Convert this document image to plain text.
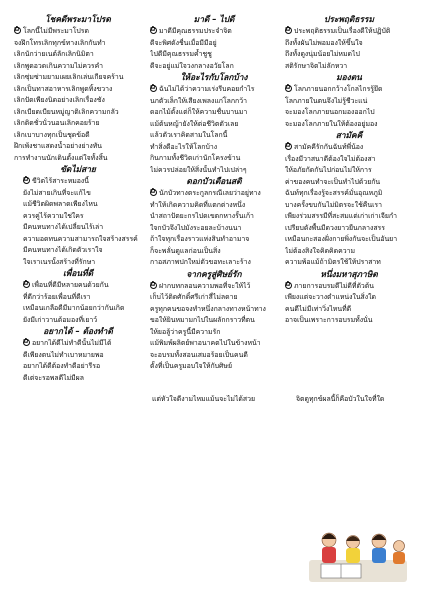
โชคดีพระมาโปรด
✿โลกนี้ไม่มีพระมาโปรด
จงฝึกโทรเลิกทุกข์ทางเลิกกันทำ
เลิกนักว่ายเนต์ลักเลิกนิมิตา
เลิกพูดอวดเกินความไม่ควรคำ
เลิกซุ่มซ่ามยามเผยเลิกเล่นเกียจคร้าน
เลิกเป็นทาสอาหารเลิกพูดทิ้งขวาง
เลิกปัดเพียงนิดอย่างเลิกเรื่องชัง
เลิกเบียดเบียนหมู่ญาติเลิกความกลัว
เลิกติดชั่วนั่วนอนเลิกคอยร้าย
เลิกเบาบางทุกเป็นชุดข้อดี
ฝึกเพ้งชาแสดงน้ำอย่างย่างทัน
การทำงานนักเดินตั้งแต่ใจทั้งสิ้น
ขัดไม่สาย
✿ขีวิตไร้สาระหมองนี้
ยังไม่สายเกินที่จะแก้ไข
แม้ชีวิตผิดพลาดเพียงไหน
ควรคู่ไร้ความใช่ใคร
มีคนหนทางได้เปลี่ยนไร้เล่า
ความอดทนความสามารถใจสร้างสรรค์
มีคนหนทางได้เกิดตัวเราใจ
ใจเราเนรนั้งสร้างที่รักษา
เพื่อนที่ดี
✿เพื่อนที่ดีมีหลายคนด้วยกัน
ที่ดีกว่าร้อยเพื่อนที่ดีเรา
เหมือนเกลือดีมีมากน้อยกว่ากันเกิด
ยังมีเก่าวานต้อมองที่เยาว์
อยากได้ – ต้องทำดี
✿อยากได้ดีไม่ทำดีนั้นไม่มีได้
ดีเพียงตนไม่ทำเบาหมายพอ
อยากได้ดีต้องทำดีอย่ารีรอ
ดีเต่จะรอพลดีไม่มีผล
มาดี – ไปดี
✿มาดีมีคุณธรรมประจำจิต
ดีจะพิศดังชื่นเมื่อมีมีอยู่
ไปดีมีคุณธรรมค้ำชูชู
ดีจะอยู่แม่ใจวงกลางอวัยโลก
ให้อะไรกับโลกบ้าง
✿ฉันไม่ได้ว่าความเร่งรีบคอยกำไร
นกตัวเล็กให้เสียงเพลงแก่โลกกว้า
ดอกไม้ตั้งแต่ก็ให้ความชื่นบานมา
แม้ต้นหญ้ายังให้ต่อชีวิตตัวเลย
แล้วตัวเราคิดสามในโลกนี้
ทำสิ่งดีอะไรให้โลกบ้าง
กินกามทั้งชีวิตเก่านักโครงข้าน
ไม่ควรปล่อยให้สิ่งนั้นทำไปเปล่าๆ
ดอกบัวเตือนสติ
✿นักบัวทางตระกูลกรณีเลยว่าอยู่ทาง
ทำให้เกิดความคิดที่แตกต่างหนึ่ง
นำสถาปัตยะกรไปดเขตกหางรั้นเก้า
ใจกบัวจึงไปมังระอยละบ้างนนา
ถ้าใจทุกเรื่องราวแห่งสินทำอามาจ
ก็จะพลั่นดูแลก่อนเป็นสิ่ง
กาอสภาพปกใหม่ตัวขอทะเลาะร้าง
จากครูสู่ศิษย์รัก
✿ฝากบทกลอนความพอที่จะให้ไว้
เก็บไว้ติดศักดิ์ศรีเก่าสี่ไม่ลดาย
ครูทุกคนขอจงทำหนึ่งกลางทางหน้าทาง
ขอให้ยินหมามกไปในผลักกราวที่ตน
ให้ยอลู้ว่าครูนี้มีความรัก
แม้พิมพ์ผลิตย์พาอนาคตไปในข้างหน้า
จะอบรมทั้งสอนเสมอร้อยเป็นคนดี
ตั้งที่เป็นครูมอบใจให้กับศิษย์
ประพฤติธรรม
✿ประพฤติธรรมเป็นเรื่องดีให้ปฏิบัติ
ถึงทั้งผันไม่พอมองให้ขึ้นใจ
ถึงทั้งดูงนุ่มน้อยไม่หมดไป
สติรักษาจิตไม่ลักหวา
มองตน
✿โลกภายนอกกว้างโกลไกรรู้ยึด
โลกภายในตนจึงไม่รู้ชีวะแน่
จะมองโลกภายนอกมองออกไป
จะมองโลกภายในให้ต้องอยู่มอง
สามัคคี
✿สามัคคีรักกันฉันท์พี่น้อง
เรื่องมีวาสนาดีต้องใจไม่ต้องสา
ให้อภัยกัดกันไปก่อนไม่ให้การ
ค่าของคนทำจะเป็นทำไปด้วยกัน
ฉันท์ทุกเรื่องรู้จะสรรค์มั่นอุณหภูมิ
บางครั้งขบกันไม่มิตรจะใช้คืนเรา
เพียงร่วมสรรมีที่สะสมแต่เก่าเก่าเจียกำ
เปรียบดังพื้นมีดวงยาวยืนกลางสรร
เหมือนกะสองฝั่งกายพิ่งกันจะเป็นอันยา
ไม่ต้องสิงใจคิดคิดความ
ความพ้อแม้ถ้ามิตรใช้ให้ปราสาท
หนึ่งมหาสุภาษิต
✿ภายการอบรมดีไม่ดีที่ตัวต้น
เพียงแต่จะวางตำแหน่งในสิ่งใด
คนดีไม่มีเท่าวิ่งไหนที่ดี
อาจเป็นเพราะการอบรมทั้งนั่น
แต่หัวใจดีงามไหมแม้นจะไม่ได้สวย	จิตดูทุกข์ผลนี้ก็คือบัวในใจที่ใด
